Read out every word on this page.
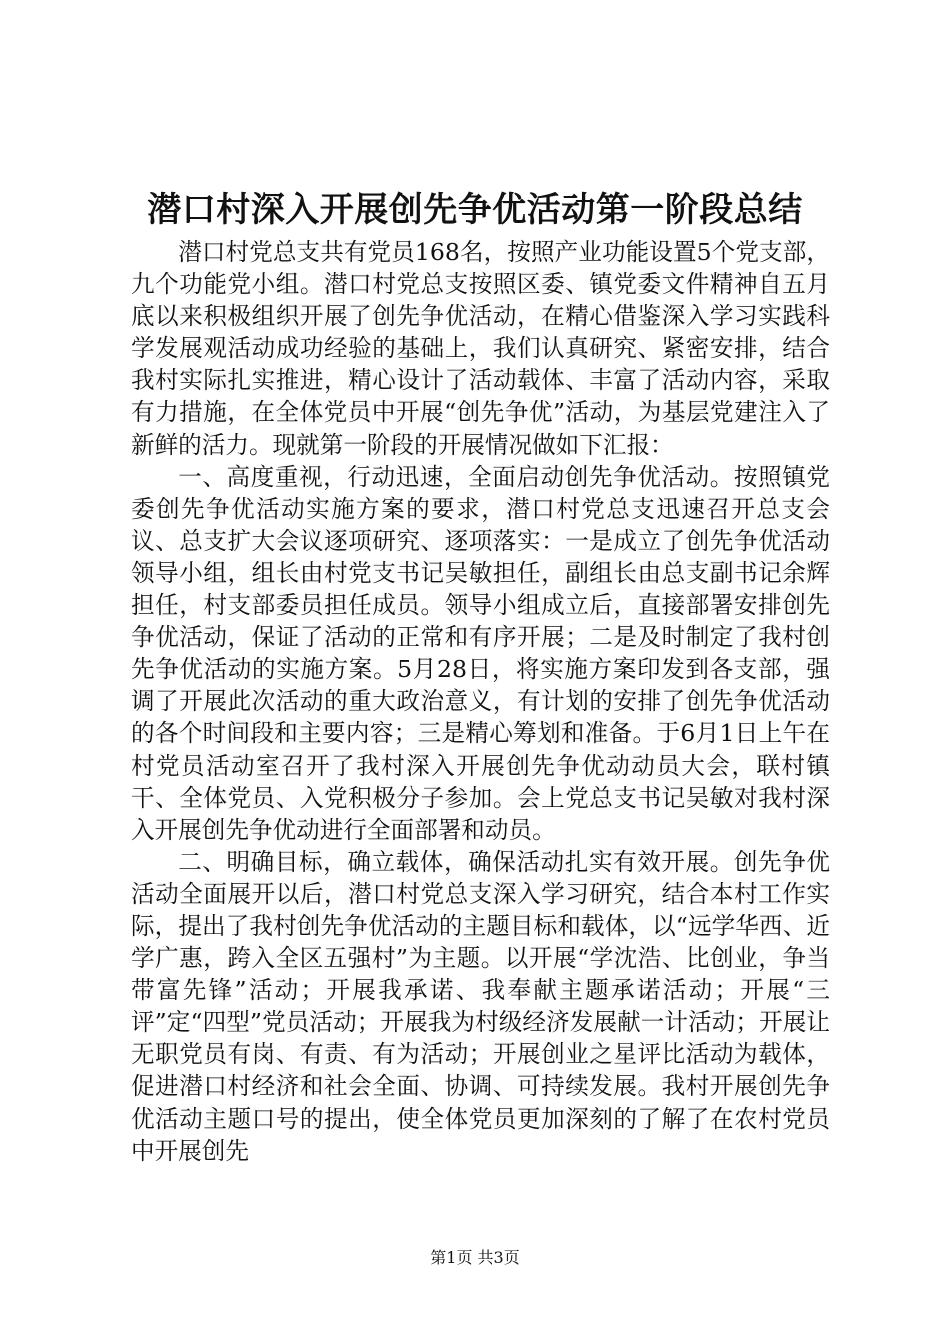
潜口村深入开展创先争优活动第一阶段总结

潜口村党总支共有党员168名，按照产业功能设置5个党支部，九个功能党小组。潜口村党总支按照区委、镇党委文件精神自五月底以来积极组织开展了创先争优活动，在精心借鉴深入学习实践科学发展观活动成功经验的基础上，我们认真研究、紧密安排，结合我村实际扎实推进，精心设计了活动载体、丰富了活动内容，采取有力措施，在全体党员中开展“创先争优”活动，为基层党建注入了新鲜的活力。现就第一阶段的开展情况做如下汇报：

一、高度重视，行动迅速，全面启动创先争优活动。按照镇党委创先争优活动实施方案的要求，潜口村党总支迅速召开总支会议、总支扩大会议逐项研究、逐项落实：一是成立了创先争优活动领导小组，组长由村党支书记吴敏担任，副组长由总支副书记余辉担任，村支部委员担任成员。领导小组成立后，直接部署安排创先争优活动，保证了活动的正常和有序开展；二是及时制定了我村创先争优活动的实施方案。5月28日，将实施方案印发到各支部，强调了开展此次活动的重大政治意义，有计划的安排了创先争优活动的各个时间段和主要内容；三是精心筹划和准备。于6月1日上午在村党员活动室召开了我村深入开展创先争优动动员大会，联村镇干、全体党员、入党积极分子参加。会上党总支书记吴敏对我村深入开展创先争优动进行全面部署和动员。

二、明确目标，确立载体，确保活动扎实有效开展。创先争优活动全面展开以后，潜口村党总支深入学习研究，结合本村工作实际，提出了我村创先争优活动的主题目标和载体，以“远学华西、近学广惠，跨入全区五强村”为主题。以开展“学沈浩、比创业，争当带富先锋”活动；开展我承诺、我奉献主题承诺活动；开展“三评”定“四型”党员活动；开展我为村级经济发展献一计活动；开展让无职党员有岗、有责、有为活动；开展创业之星评比活动为载体，促进潜口村经济和社会全面、协调、可持续发展。我村开展创先争优活动主题口号的提出，使全体党员更加深刻的了解了在农村党员中开展创先

第1页 共3页
